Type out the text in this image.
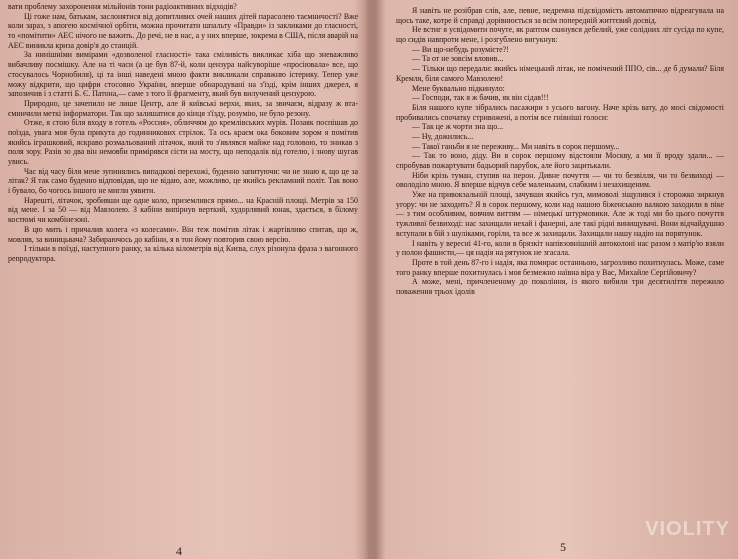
вати проблему захоронення мільйонів тони радіоактивних відходів?

Ці гоже нам, батькам, заслонятися від допитливих очей наших дітей парасолею таємничості? Вже коли зараз, з апогею космічної орбіти, можна прочитати шпальту «Правди» із закликами до гласності, то «помітити» АЕС нічого не важить. До речі, не в нас, а у них вперше, зокрема в США, після аварій на АЕС виникла криза довір'я до станцій.

За нинішніми вимірами «дозволеної гласності» така сміливість викликає хіба що зневажливо вибачливу посмішку. Але на ті часи (а це був 87-й, коли цензура найсуворіше «просіювала» все, що стосувалось Чорнобиля), ці та інші наведені мною факти викликали справжню істерику. Тепер уже можу відкрити, що цифри стосовно України, вперше обнародувані на з'їзді, крім інших джерел, я запозичив і з статті Б. Є. Патона,— саме з того її фрагменту, який був вилучений цензурою.

Природно, це зачепило не лише Центр, але й київські верхи, яких, за звичаєм, відразу ж втаємничили меткі інформатори. Так що залишатися до кінця з'їзду, розумію, не було резону.

Отже, я стою біля входу в готель «Россия», обличчям до кремлівських мурів. Позаяк поспішав до поїзда, увага моя була прикута до годинникових стрілок. Та ось краєм ока боковим зором я помітив якийсь іграшковий, яскраво розмальований літачок, який то з'являвся майже над головою, то зникав з поля зору. Разів зо два він немовби примірявся сісти на мосту, що неподалік від готелю, і знову шугав увись.

Час від часу біля мене зупинялись випадкові перехожі, буденно запитуючи: чи не знаю я, що це за літак? Я так само буденно відповідав, що не відаю, але, можливо, це якийсь рекламний політ. Так воно і бувало, бо чогось іншого не мигли уявити.

Нарешті, літачок, зробивши ще одне коло, приземлився прямо... на Красній площі. Метрів за 150 від мене. І за 50 — від Мавзолею. З кабіни випірнув верткий, худорлявий юнак, здається, в білому костюмі чи комбінезоні.

В цю мить і причалив колега «з колесами». Він теж помітив літак і жартівливо спитав, що ж, мовляв, за виницьвача? Забираючось до кабіни, я в тон йому повторив свою версію.

І тільки в поїзді, наступного ранку, за кілька кілометрів від Києва, слух різонула фраза з вагонного репродуктора.

4

Я навіть не розібрав слів, але, певне, недремна підсвідомість автоматично відреагувала на щось таке, котре й справді дорівнюється за всім попередній життєвий досвід.

Не встиг я усвідомити почуте, як раптом скинувся дебелий, уже солідних літ сусіда по купе, що сидів навпроти мене, і розгублено вигукнув:

— Ви що-небудь розумієте?!

— Та от не зовсім вловив...

— Тільки що передали: якийсь німецький літак, не помічений ППО, сів... де б думали? Біля Кремля, біля самого Мавзолею!

Мене буквально підкинуло:

— Господи, так я ж бачив, як він сідав!!!

Біля нашого купе зібрались пасажири з усього вагону. Наче крізь вату, до мосі свідомості пробивались спочатку стривожені, а потім все гнівніші голоси:

— Так це ж чорти зна що...

— Ну, дожились...

— Такої ганьби я не переживу... Ми навіть в сорок першому...

— Так то воно, діду. Ви в сорок першому відстояли Москву, а ми її вроду здали... — спробував пожартувати бадьорий парубок, але його зацитькали.

Ніби крізь туман, ступив на перон. Дивне почуття — чи то безвілля, чи то безвиході — оволоділо мною. Я вперше відчув себе маленьким, слабким і незахищеним.

Уже на привокзальній площі, зачувши якийсь гул, мимоволі зіщулився і сторожко зиркнув угору: чи не заходить? Я в сорок першому, коли над нашою біженською валкою заходили в піке — з тим особливим, вовчим виттям — німецькі штурмовики. Але ж тоді ми бо цього почуття тужливої безвиході: нас захищали нехай і фанерні, але такі рідні винищувачі. Вони відчайдушно вступали в бій з шуліками, горіли, та все ж захищали. Захищали нашу надію на порятунок.

І навіть у вересні 41-го, коли в брязкіт напівзовнішній автоколоні нас разом з матір'ю взяли у полон фашисти,— ця надія на рятунок не згасала.

Проте в той день 87-го і надія, яка помирає останньою, загрозливо похитнулась. Може, саме того ранку вперше похитнулась і моя безмежно наївна віра у Вас, Михайле Сергійовичу?

А може, мені, причлененому до покоління, із якого вибили три десятиліття пережило поваження трьох ідолів

5
VIOLITY
